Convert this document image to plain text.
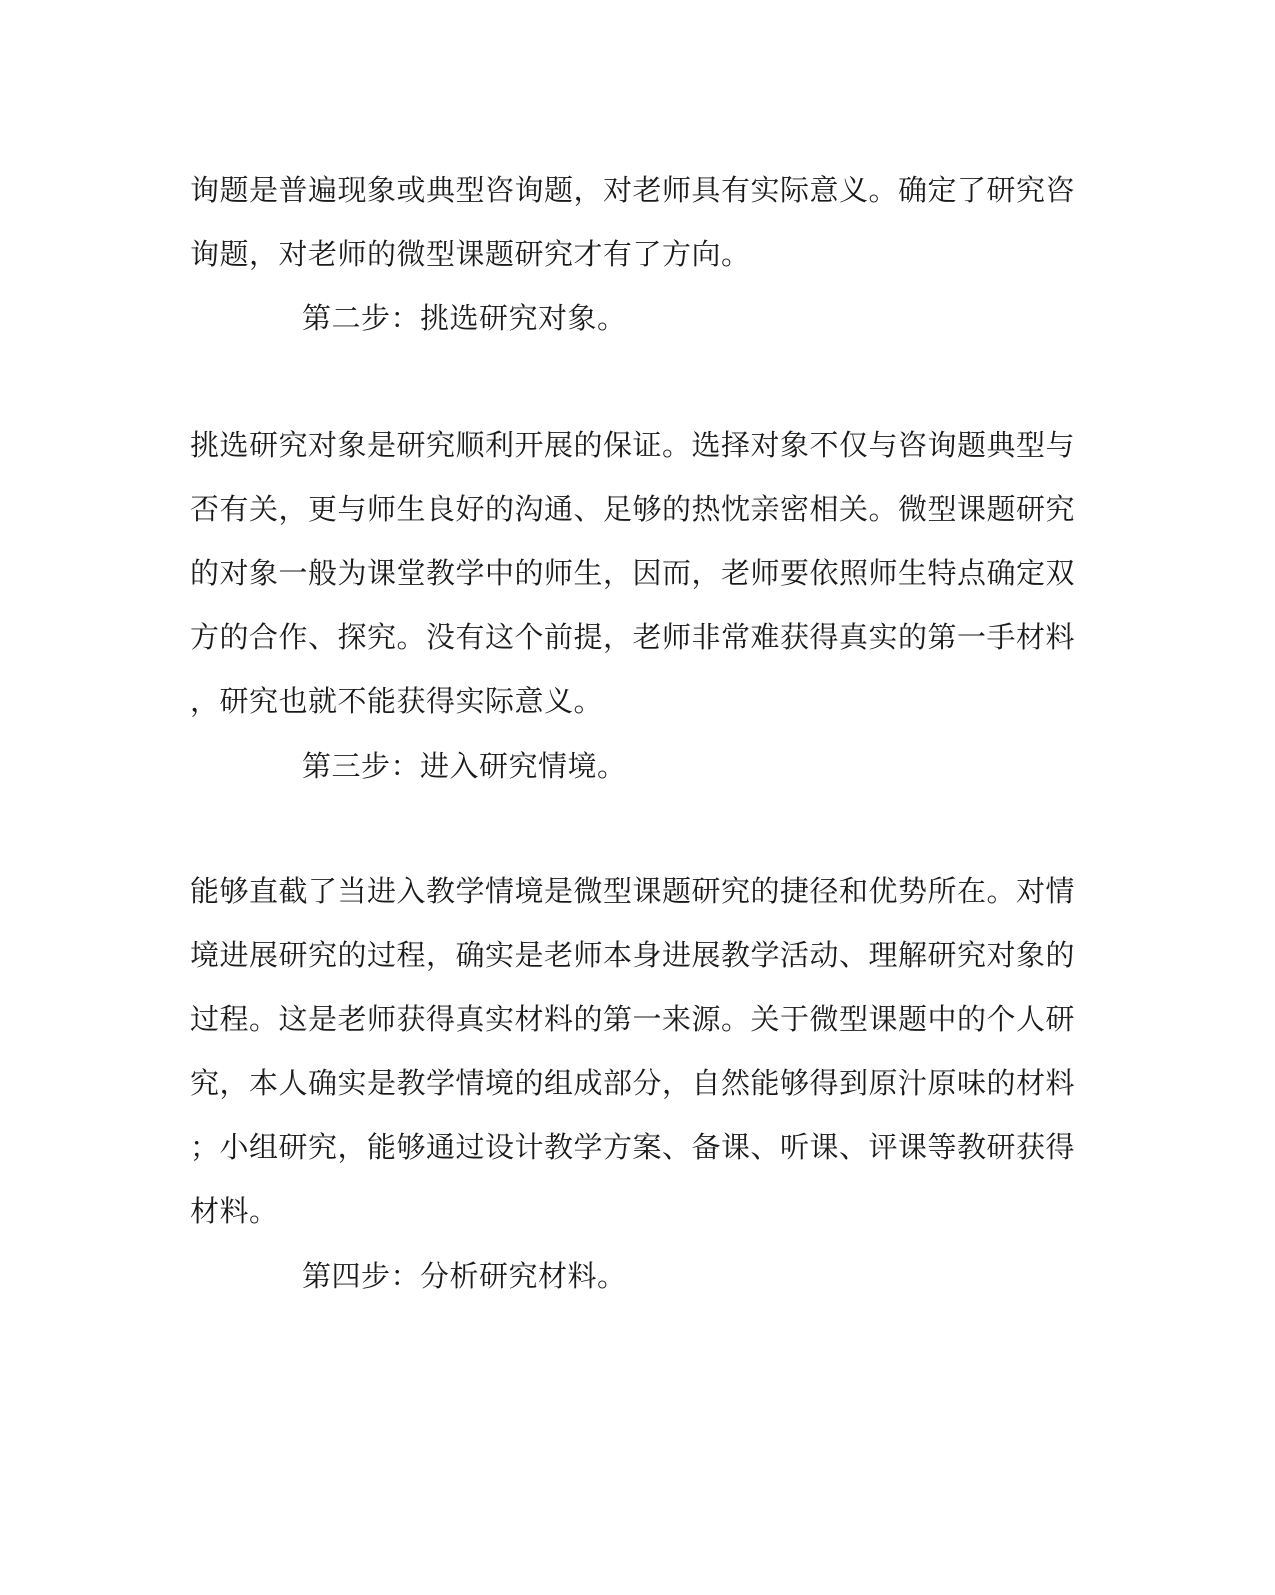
询题是普遍现象或典型咨询题，对老师具有实际意义。确定了研究咨
询题，对老师的微型课题研究才有了方向。
第二步：挑选研究对象。
挑选研究对象是研究顺利开展的保证。选择对象不仅与咨询题典型与
否有关，更与师生良好的沟通、足够的热忱亲密相关。微型课题研究
的对象一般为课堂教学中的师生，因而，老师要依照师生特点确定双
方的合作、探究。没有这个前提，老师非常难获得真实的第一手材料
，研究也就不能获得实际意义。
第三步：进入研究情境。
能够直截了当进入教学情境是微型课题研究的捷径和优势所在。对情
境进展研究的过程，确实是老师本身进展教学活动、理解研究对象的
过程。这是老师获得真实材料的第一来源。关于微型课题中的个人研
究，本人确实是教学情境的组成部分，自然能够得到原汁原味的材料
；小组研究，能够通过设计教学方案、备课、听课、评课等教研获得
材料。
第四步：分析研究材料。
